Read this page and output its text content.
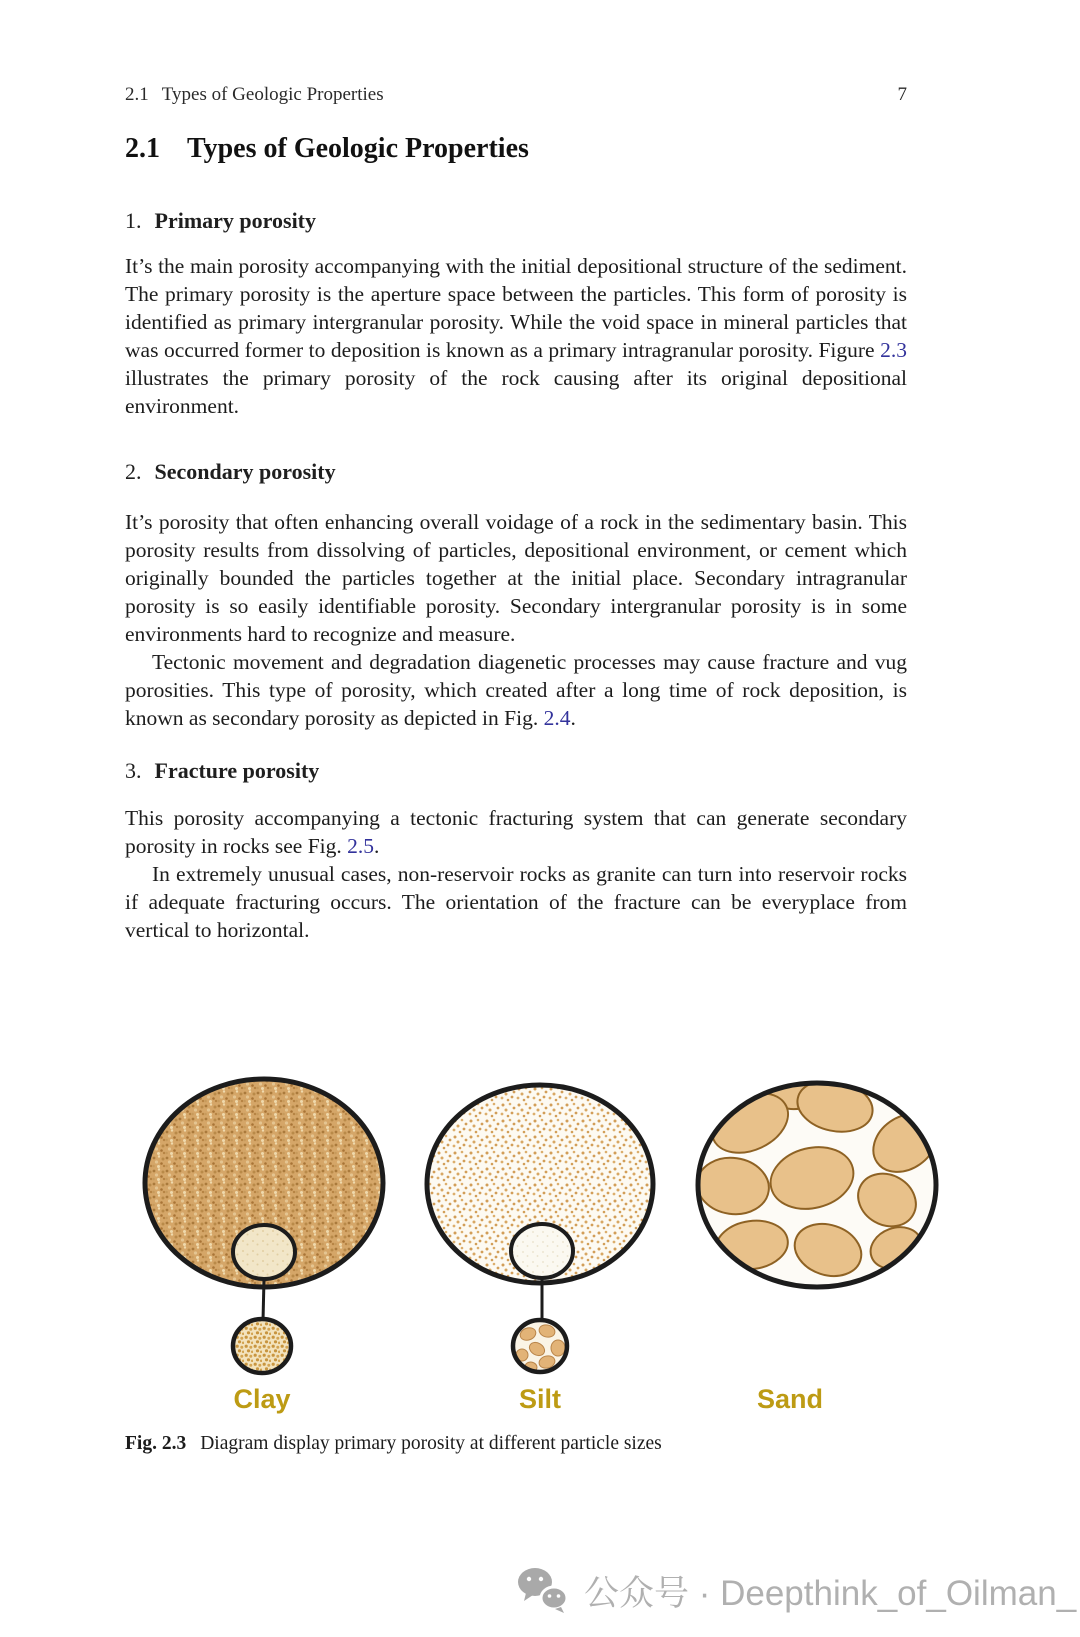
2.1 Types of Geologic Properties	7
2.1 Types of Geologic Properties
1. Primary porosity

It’s the main porosity accompanying with the initial depositional structure of the sediment. The primary porosity is the aperture space between the particles. This form of porosity is identified as primary intergranular porosity. While the void space in mineral particles that was occurred former to deposition is known as a primary intragranular porosity. Figure 2.3 illustrates the primary porosity of the rock causing after its original depositional environment.

2. Secondary porosity

It’s porosity that often enhancing overall voidage of a rock in the sedimentary basin. This porosity results from dissolving of particles, depositional environment, or cement which originally bounded the particles together at the initial place. Secondary intragranular porosity is so easily identifiable porosity. Secondary intergranular porosity is in some environments hard to recognize and measure.

Tectonic movement and degradation diagenetic processes may cause fracture and vug porosities. This type of porosity, which created after a long time of rock deposition, is known as secondary porosity as depicted in Fig. 2.4.

3. Fracture porosity

This porosity accompanying a tectonic fracturing system that can generate secondary porosity in rocks see Fig. 2.5.

In extremely unusual cases, non-reservoir rocks as granite can turn into reservoir rocks if adequate fracturing occurs. The orientation of the fracture can be everyplace from vertical to horizontal.

Clay	Silt	Sand
Fig. 2.3 Diagram display primary porosity at different particle sizes
公众号 · Deepthink_of_Oilman_
